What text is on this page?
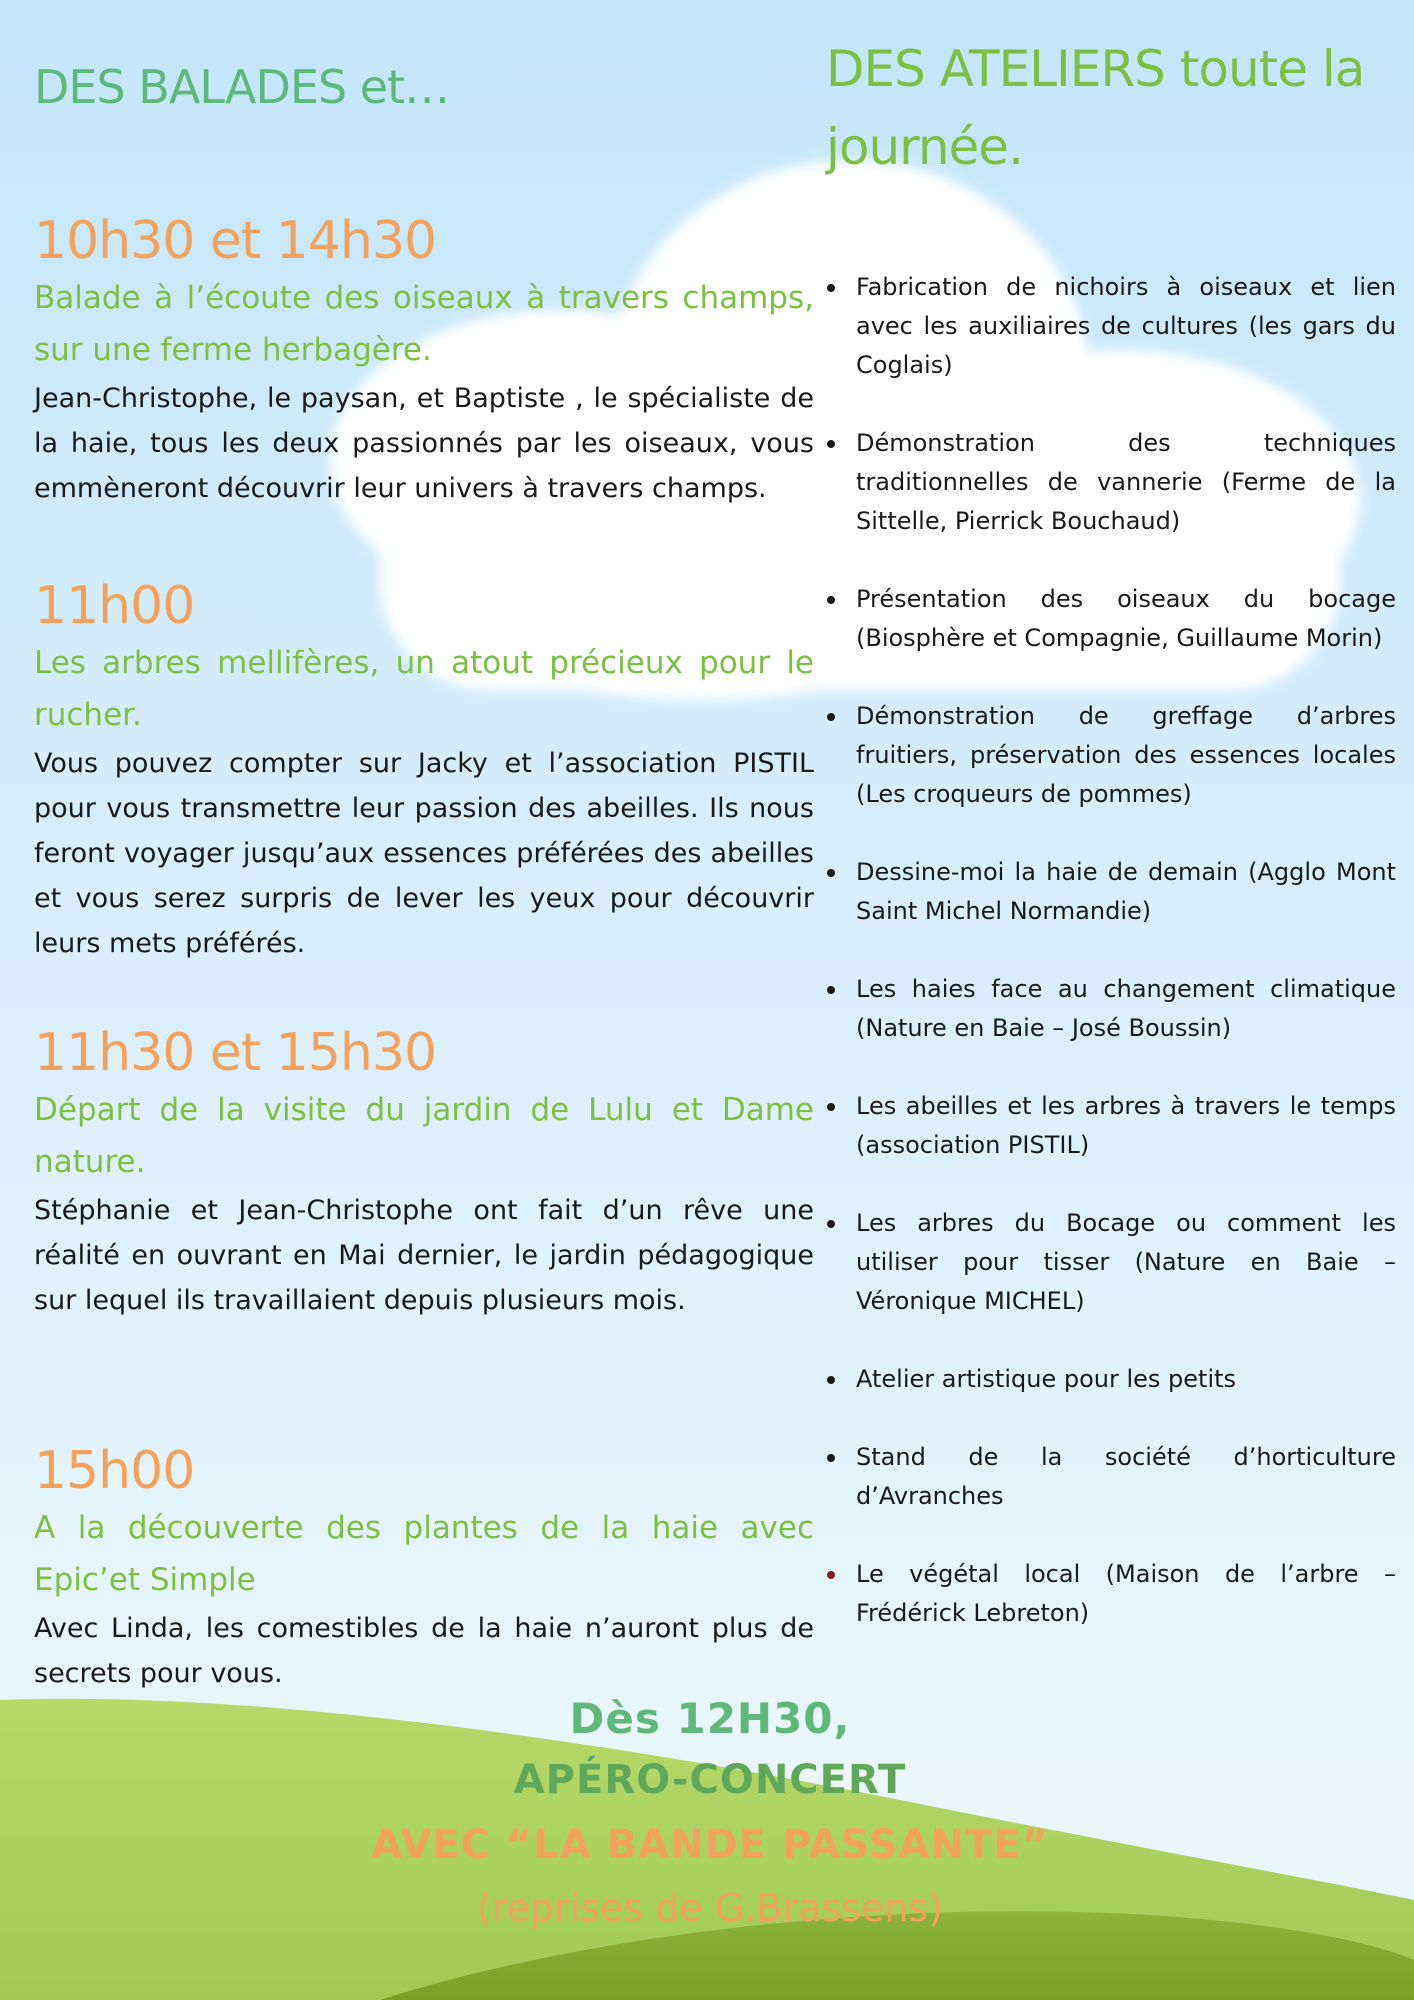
DES BALADES et…

10h30 et 14h30

Balade à l’écoute des oiseaux à travers champs, sur une ferme herbagère.

Jean-Christophe, le paysan, et Baptiste , le spécialiste de la haie, tous les deux passionnés par les oiseaux, vous emmèneront découvrir leur univers à travers champs.

11h00

Les arbres mellifères, un atout précieux pour le rucher.

Vous pouvez compter sur Jacky et l’association PISTIL pour vous transmettre leur passion des abeilles. Ils nous feront voyager jusqu’aux essences préférées des abeilles et vous serez surpris de lever les yeux pour découvrir leurs mets préférés.

11h30 et 15h30

Départ de la visite du jardin de Lulu et Dame nature.

Stéphanie et Jean-Christophe ont fait d’un rêve une réalité en ouvrant en Mai dernier, le jardin pédagogique sur lequel ils travaillaient depuis plusieurs mois.

15h00

A la découverte des plantes de la haie avec Epic’et Simple

Avec Linda, les comestibles de la haie n’auront plus de secrets pour vous.

DES ATELIERS toute la journée.
Fabrication de nichoirs à oiseaux et lien avec les auxiliaires de cultures (les gars du Coglais)
Démonstration des techniques traditionnelles de vannerie (Ferme de la Sittelle, Pierrick Bouchaud)
Présentation des oiseaux du bocage (Biosphère et Compagnie, Guillaume Morin)
Démonstration de greffage d’arbres fruitiers, préservation des essences locales (Les croqueurs de pommes)
Dessine-moi la haie de demain (Agglo Mont Saint Michel Normandie)
Les haies face au changement climatique (Nature en Baie – José Boussin)
Les abeilles et les arbres à travers le temps (association PISTIL)
Les arbres du Bocage ou comment les utiliser pour tisser (Nature en Baie – Véronique MICHEL)
Atelier artistique pour les petits
Stand de la société d’horticulture d’Avranches
Le végétal local (Maison de l’arbre – Frédérick Lebreton)

Dès 12H30,

APÉRO-CONCERT

AVEC “LA BANDE PASSANTE”

(reprises de G.Brassens)
